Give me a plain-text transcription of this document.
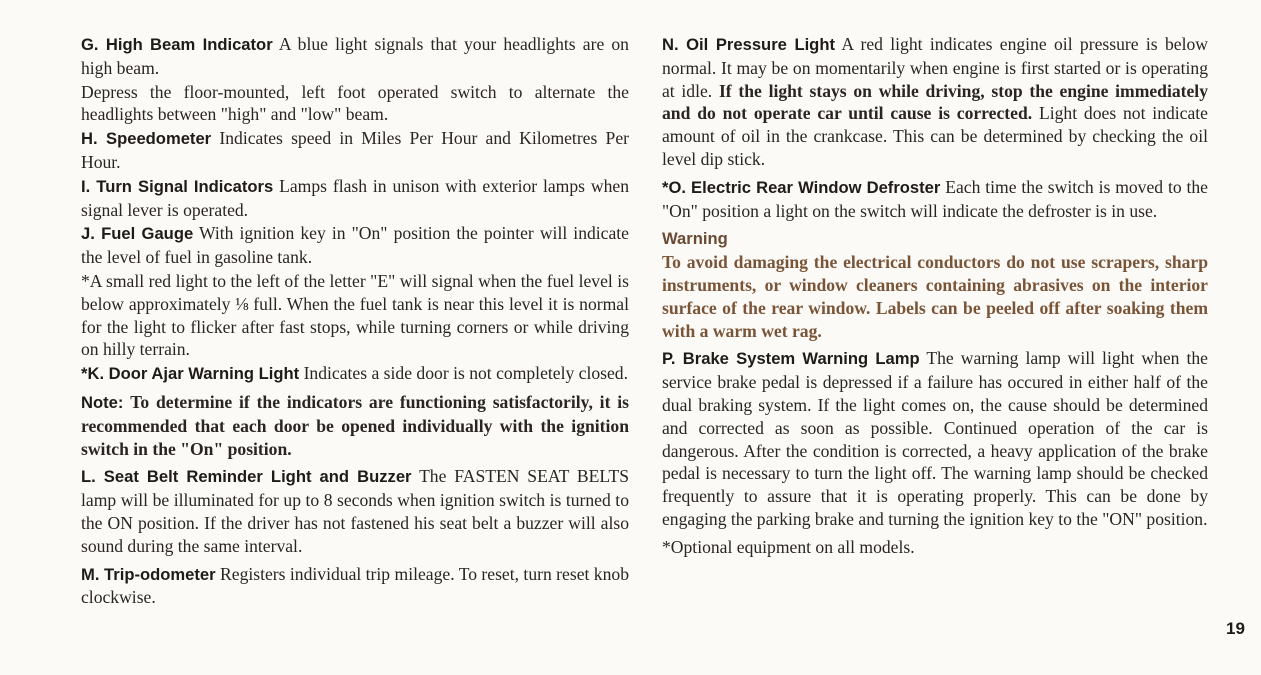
G. High Beam Indicator A blue light signals that your headlights are on high beam.

Depress the floor-mounted, left foot operated switch to alternate the headlights between "high" and "low" beam.

H. Speedometer Indicates speed in Miles Per Hour and Kilometres Per Hour.

I. Turn Signal Indicators Lamps flash in unison with exterior lamps when signal lever is operated.

J. Fuel Gauge With ignition key in "On" position the pointer will indicate the level of fuel in gasoline tank.

*A small red light to the left of the letter "E" will signal when the fuel level is below approximately ⅛ full. When the fuel tank is near this level it is normal for the light to flicker after fast stops, while turning corners or while driving on hilly terrain.

*K. Door Ajar Warning Light Indicates a side door is not completely closed.

Note: To determine if the indicators are functioning satisfactorily, it is recommended that each door be opened individually with the ignition switch in the "On" position.

L. Seat Belt Reminder Light and Buzzer The FASTEN SEAT BELTS lamp will be illuminated for up to 8 seconds when ignition switch is turned to the ON position. If the driver has not fastened his seat belt a buzzer will also sound during the same interval.

M. Trip-odometer Registers individual trip mileage. To reset, turn reset knob clockwise.

N. Oil Pressure Light A red light indicates engine oil pressure is below normal. It may be on momentarily when engine is first started or is operating at idle. If the light stays on while driving, stop the engine immediately and do not operate car until cause is corrected. Light does not indicate amount of oil in the crankcase. This can be determined by checking the oil level dip stick.

*O. Electric Rear Window Defroster Each time the switch is moved to the "On" position a light on the switch will indicate the defroster is in use.

Warning

To avoid damaging the electrical conductors do not use scrapers, sharp instruments, or window cleaners containing abrasives on the interior surface of the rear window. Labels can be peeled off after soaking them with a warm wet rag.

P. Brake System Warning Lamp The warning lamp will light when the service brake pedal is depressed if a failure has occured in either half of the dual braking system. If the light comes on, the cause should be determined and corrected as soon as possible. Continued operation of the car is dangerous. After the condition is corrected, a heavy application of the brake pedal is necessary to turn the light off. The warning lamp should be checked frequently to assure that it is operating properly. This can be done by engaging the parking brake and turning the ignition key to the "ON" position.

*Optional equipment on all models.

19
